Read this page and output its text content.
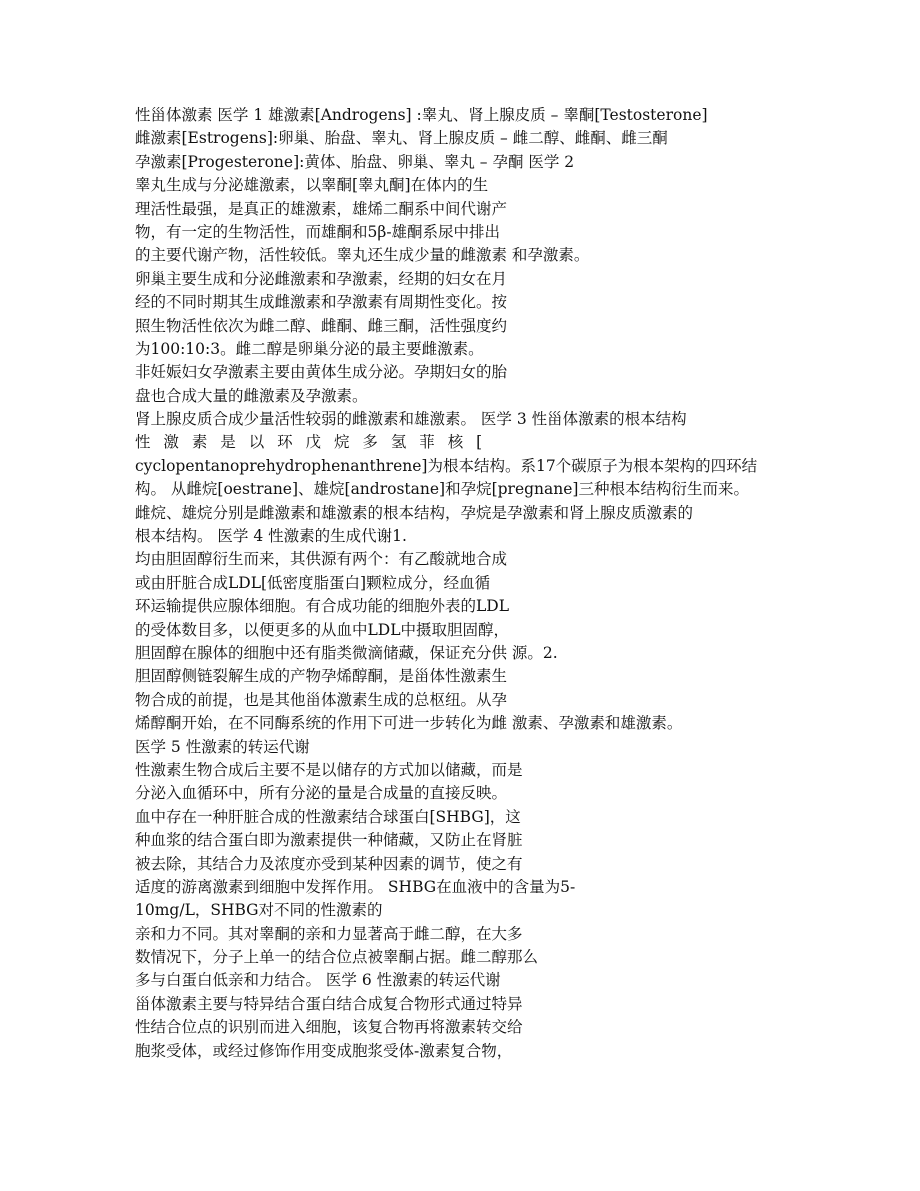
性甾体激素 医学 1 雄激素[Androgens] :睾丸、肾上腺皮质 – 睾酮[Testosterone]
雌激素[Estrogens]:卵巢、胎盘、睾丸、肾上腺皮质 – 雌二醇、雌酮、雌三酮
孕激素[Progesterone]:黄体、胎盘、卵巢、睾丸 – 孕酮 医学 2
睾丸生成与分泌雄激素，以睾酮[睾丸酮]在体内的生
理活性最强，是真正的雄激素，雄烯二酮系中间代谢产
物，有一定的生物活性，而雄酮和5β-雄酮系尿中排出
的主要代谢产物，活性较低。睾丸还生成少量的雌激素 和孕激素。
卵巢主要生成和分泌雌激素和孕激素，经期的妇女在月
经的不同时期其生成雌激素和孕激素有周期性变化。按
照生物活性依次为雌二醇、雌酮、雌三酮，活性强度约
为100:10:3。雌二醇是卵巢分泌的最主要雌激素。
非妊娠妇女孕激素主要由黄体生成分泌。孕期妇女的胎
盘也合成大量的雌激素及孕激素。
肾上腺皮质合成少量活性较弱的雌激素和雄激素。 医学 3 性甾体激素的根本结构
性 激 素 是 以 环 戊 烷 多 氢 菲 核 [
cyclopentanoprehydrophenanthrene]为根本结构。系17个碳原子为根本架构的四环结
构。 从雌烷[oestrane]、雄烷[androstane]和孕烷[pregnane]三种根本结构衍生而来。
雌烷、雄烷分别是雌激素和雄激素的根本结构，孕烷是孕激素和肾上腺皮质激素的
根本结构。 医学 4 性激素的生成代谢1.
均由胆固醇衍生而来，其供源有两个：有乙酸就地合成
或由肝脏合成LDL[低密度脂蛋白]颗粒成分，经血循
环运输提供应腺体细胞。有合成功能的细胞外表的LDL
的受体数目多，以便更多的从血中LDL中摄取胆固醇，
胆固醇在腺体的细胞中还有脂类微滴储藏，保证充分供 源。2.
胆固醇侧链裂解生成的产物孕烯醇酮，是甾体性激素生
物合成的前提，也是其他甾体激素生成的总枢纽。从孕
烯醇酮开始，在不同酶系统的作用下可进一步转化为雌 激素、孕激素和雄激素。
医学 5 性激素的转运代谢
性激素生物合成后主要不是以储存的方式加以储藏，而是
分泌入血循环中，所有分泌的量是合成量的直接反映。
血中存在一种肝脏合成的性激素结合球蛋白[SHBG]，这
种血浆的结合蛋白即为激素提供一种储藏，又防止在肾脏
被去除，其结合力及浓度亦受到某种因素的调节，使之有
适度的游离激素到细胞中发挥作用。 SHBG在血液中的含量为5-
10mg/L，SHBG对不同的性激素的
亲和力不同。其对睾酮的亲和力显著高于雌二醇，在大多
数情况下，分子上单一的结合位点被睾酮占据。雌二醇那么
多与白蛋白低亲和力结合。 医学 6 性激素的转运代谢
甾体激素主要与特异结合蛋白结合成复合物形式通过特异
性结合位点的识别而进入细胞，该复合物再将激素转交给
胞浆受体，或经过修饰作用变成胞浆受体-激素复合物，
